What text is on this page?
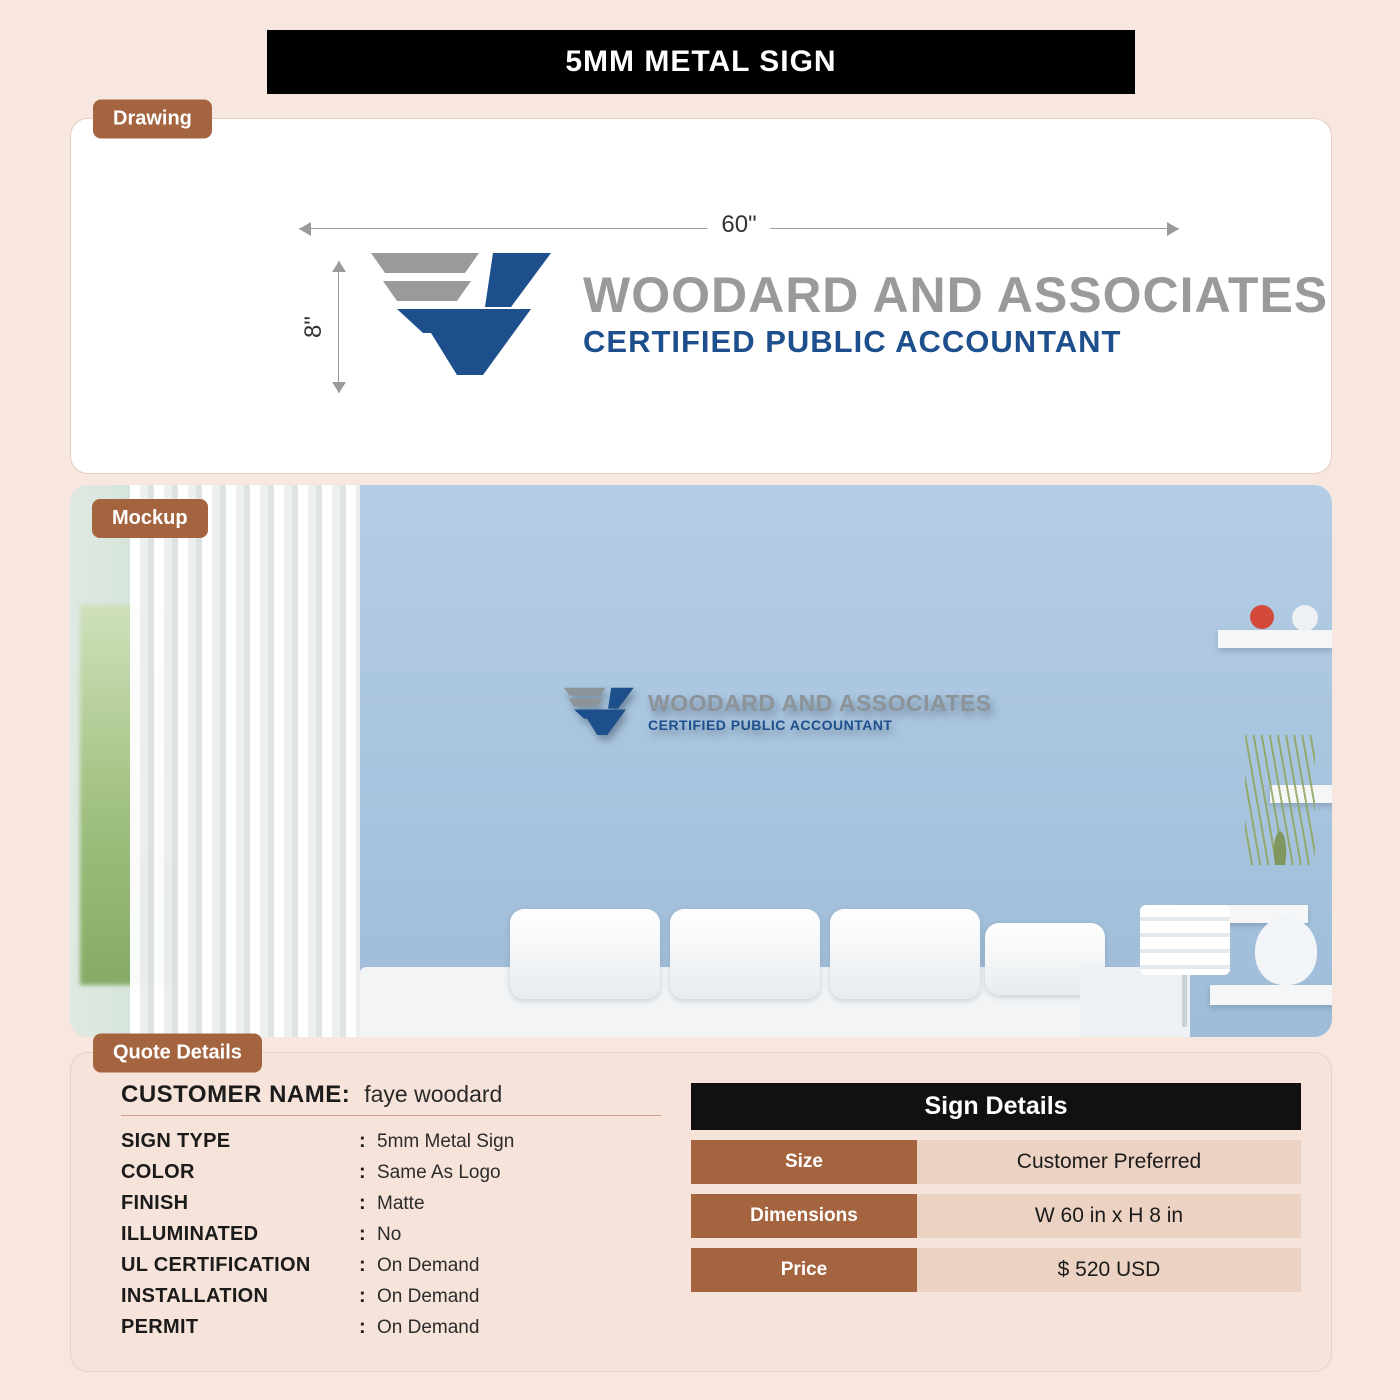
5MM METAL SIGN
Drawing
60"
8"
WOODARD AND ASSOCIATES
CERTIFIED PUBLIC ACCOUNTANT
WOODARD AND ASSOCIATES
CERTIFIED PUBLIC ACCOUNTANT
Mockup
Quote Details
CUSTOMER NAME: faye woodard
SIGN TYPE	: 5mm Metal Sign
COLOR	: Same As Logo
FINISH	: Matte
ILLUMINATED	: No
UL CERTIFICATION	: On Demand
INSTALLATION	: On Demand
PERMIT	: On Demand
Sign Details
Size	Customer Preferred
Dimensions	W 60 in x H 8 in
Price	$ 520 USD
